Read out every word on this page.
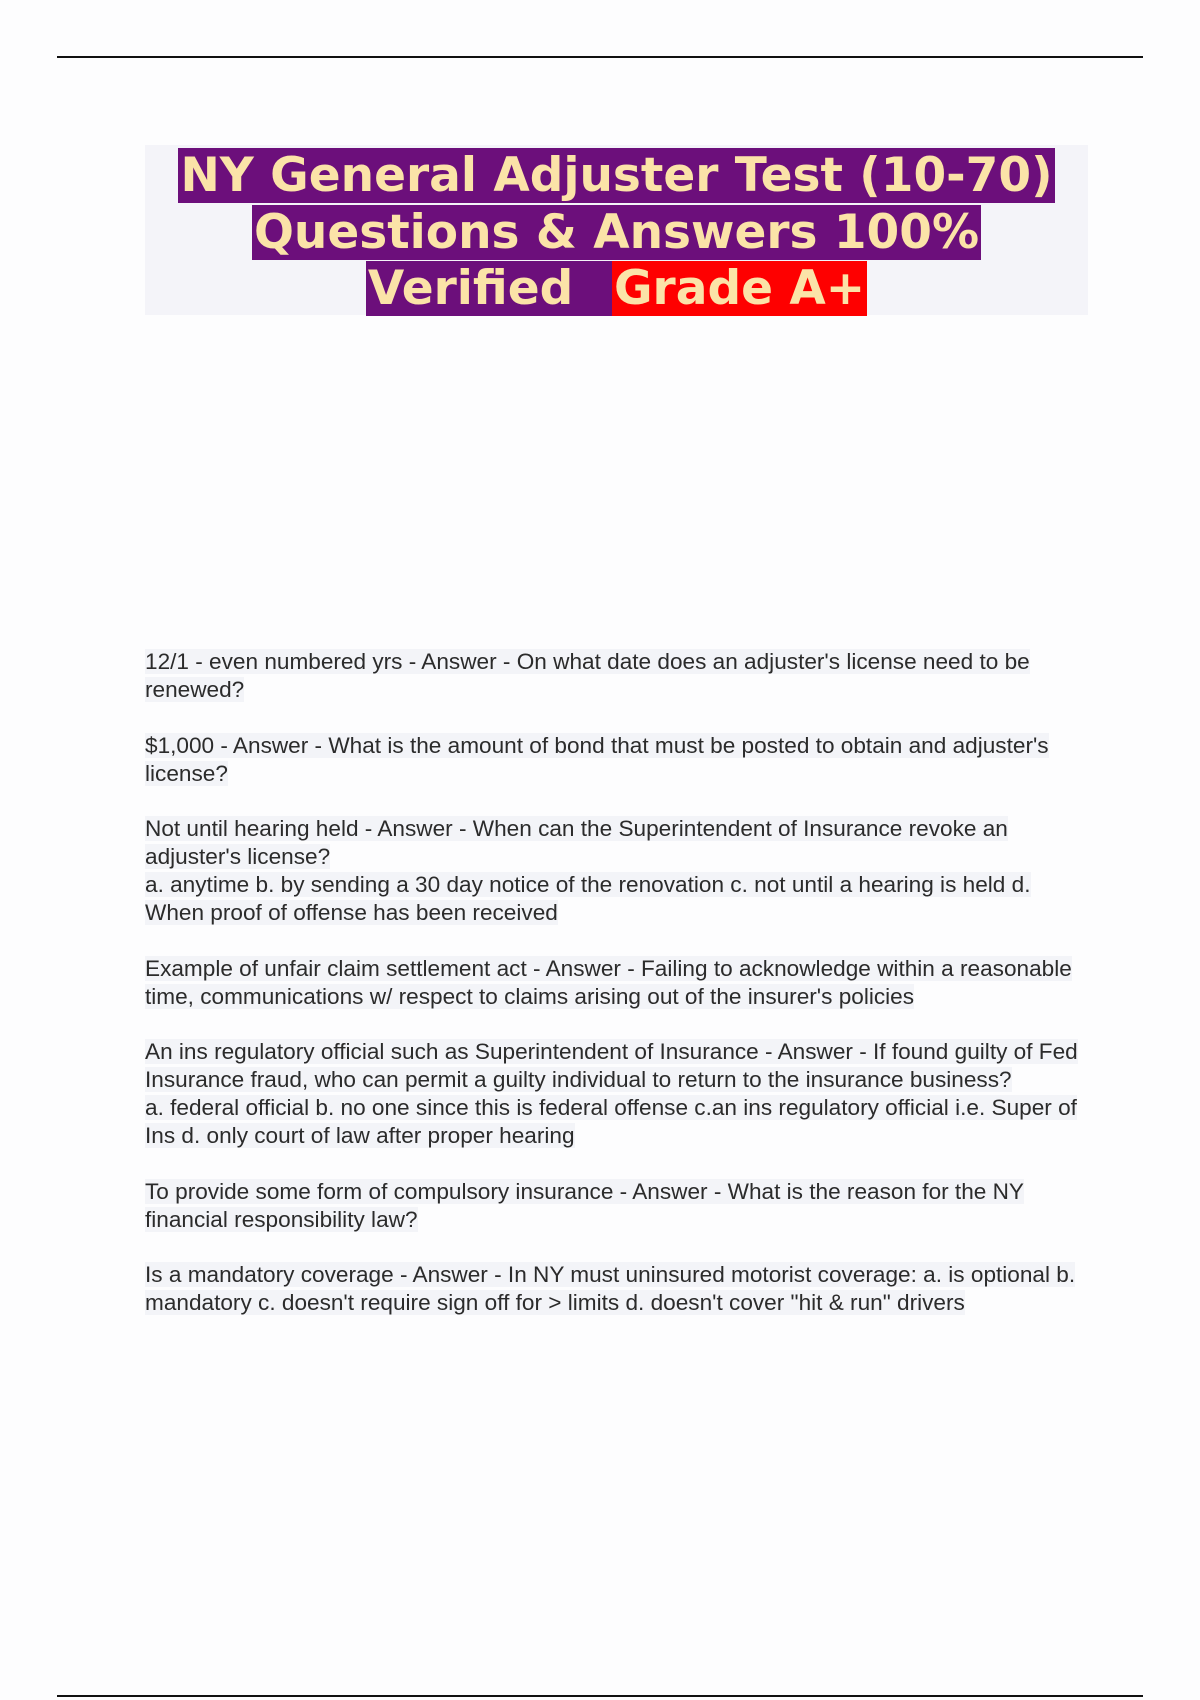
NY General Adjuster Test (10-70)
Questions & Answers 100%
Verified Grade A+

12/1 - even numbered yrs - Answer - On what date does an adjuster's license need to be renewed?

$1,000 - Answer - What is the amount of bond that must be posted to obtain and adjuster's license?

Not until hearing held - Answer - When can the Superintendent of Insurance revoke an adjuster's license?
a. anytime b. by sending a 30 day notice of the renovation c. not until a hearing is held d. When proof of offense has been received

Example of unfair claim settlement act - Answer - Failing to acknowledge within a reasonable time, communications w/ respect to claims arising out of the insurer's policies

An ins regulatory official such as Superintendent of Insurance - Answer - If found guilty of Fed Insurance fraud, who can permit a guilty individual to return to the insurance business?
a. federal official b. no one since this is federal offense c.an ins regulatory official i.e. Super of Ins d. only court of law after proper hearing

To provide some form of compulsory insurance - Answer - What is the reason for the NY financial responsibility law?

Is a mandatory coverage - Answer - In NY must uninsured motorist coverage: a. is optional b. mandatory c. doesn't require sign off for > limits d. doesn't cover "hit & run" drivers
